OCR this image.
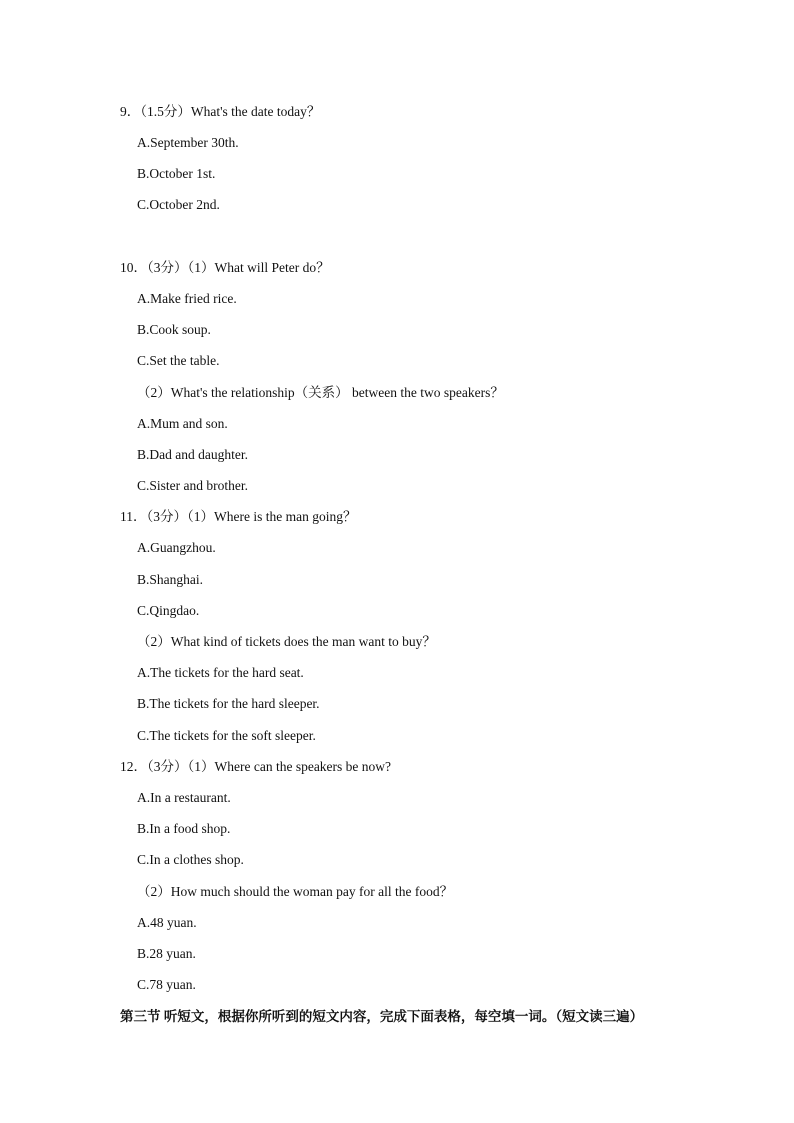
9．（1.5分）What's the date today？
A.September 30th.
B.October 1st.
C.October 2nd.
10．（3分）（1）What will Peter do？
A.Make fried rice.
B.Cook soup.
C.Set the table.
（2）What's the relationship（关系） between the two speakers？
A.Mum and son.
B.Dad and daughter.
C.Sister and brother.
11．（3分）（1）Where is the man going？
A.Guangzhou.
B.Shanghai.
C.Qingdao.
（2）What kind of tickets does the man want to buy？
A.The tickets for the hard seat.
B.The tickets for the hard sleeper.
C.The tickets for the soft sleeper.
12．（3分）（1）Where can the speakers be now?
A.In a restaurant.
B.In a food shop.
C.In a clothes shop.
（2）How much should the woman pay for all the food？
A.48 yuan.
B.28 yuan.
C.78 yuan.
第三节 听短文，根据你所听到的短文内容，完成下面表格，每空填一词。（短文读三遍）
